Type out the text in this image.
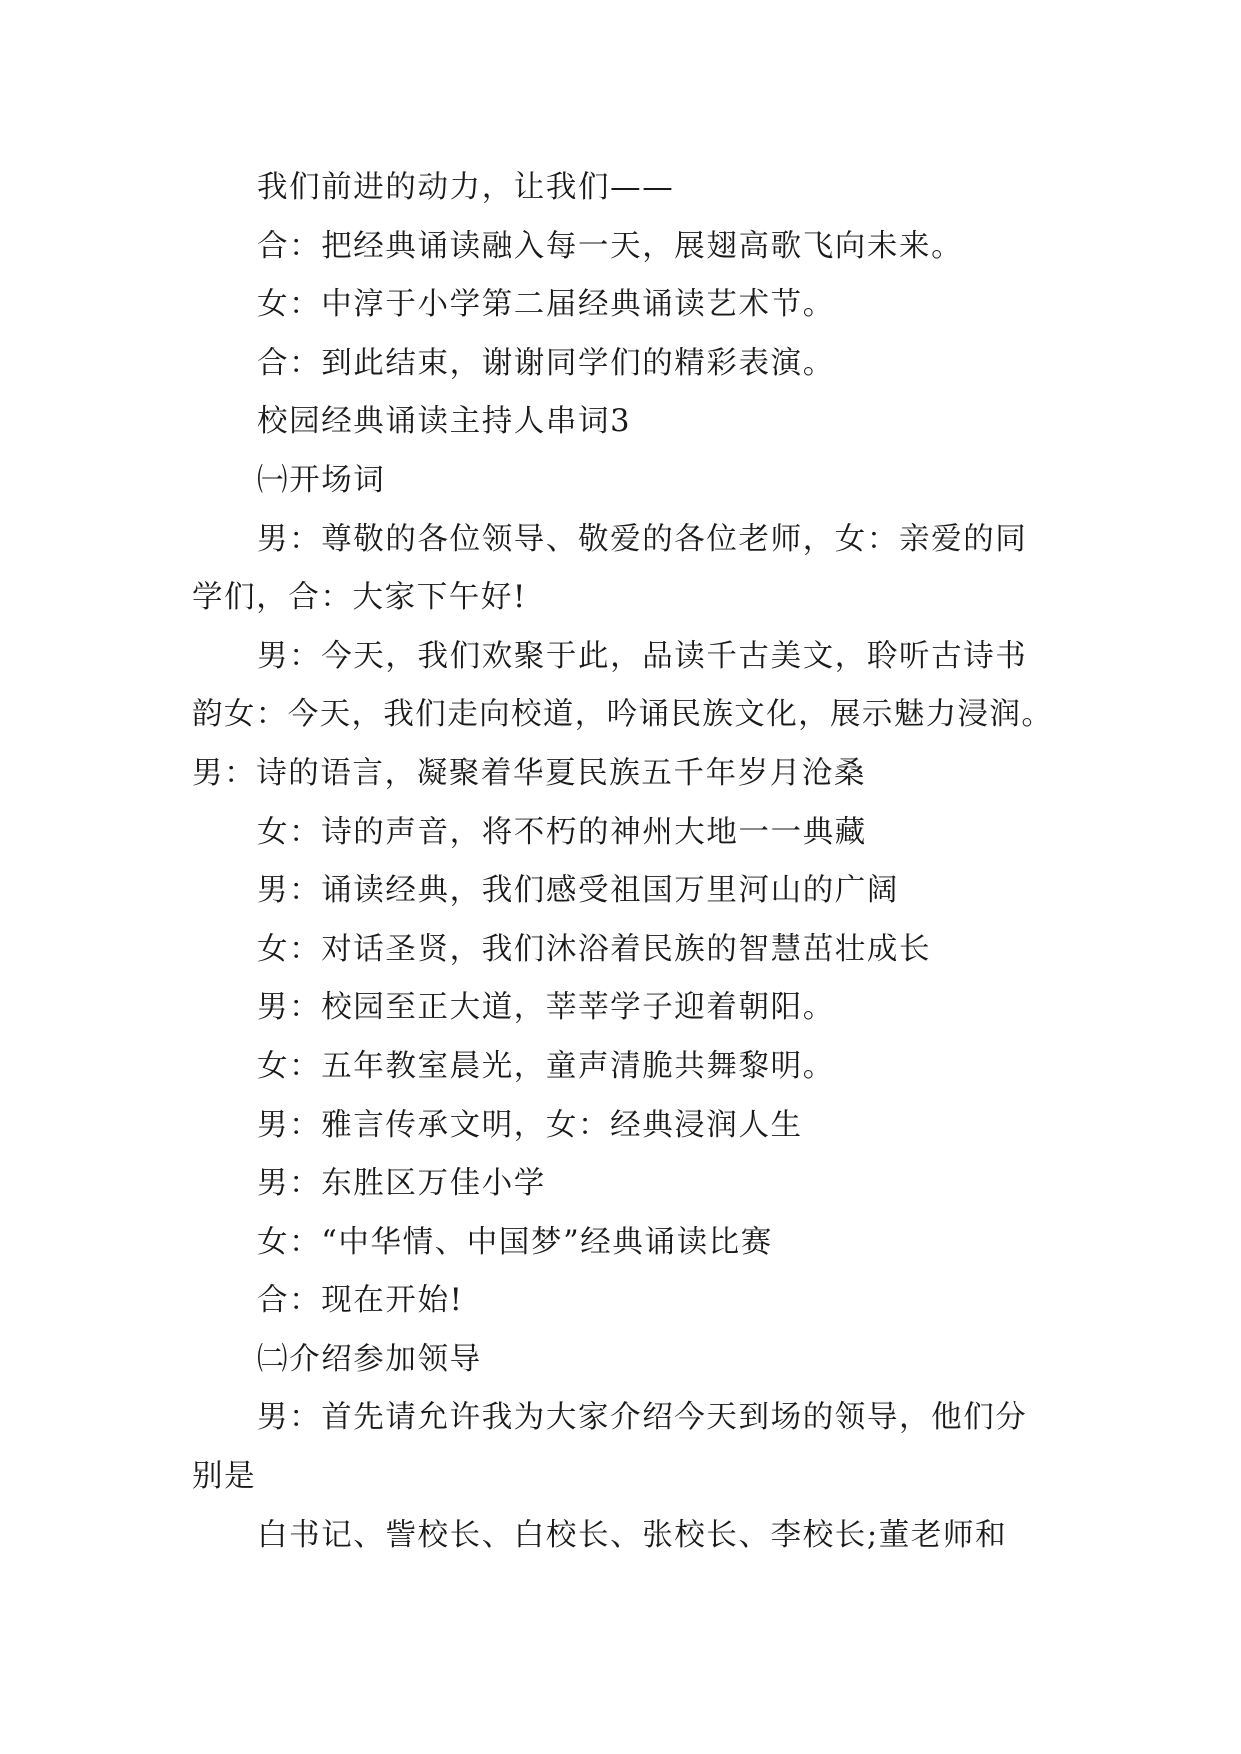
我们前进的动力，让我们——

合：把经典诵读融入每一天，展翅高歌飞向未来。

女：中淳于小学第二届经典诵读艺术节。

合：到此结束，谢谢同学们的精彩表演。

校园经典诵读主持人串词3

㈠开场词

男：尊敬的各位领导、敬爱的各位老师，女：亲爱的同

学们，合：大家下午好!

男：今天，我们欢聚于此，品读千古美文，聆听古诗书

韵女：今天，我们走向校道，吟诵民族文化，展示魅力浸润。

男：诗的语言，凝聚着华夏民族五千年岁月沧桑

女：诗的声音，将不朽的神州大地一一典藏

男：诵读经典，我们感受祖国万里河山的广阔

女：对话圣贤，我们沐浴着民族的智慧茁壮成长

男：校园至正大道，莘莘学子迎着朝阳。

女：五年教室晨光，童声清脆共舞黎明。

男：雅言传承文明，女：经典浸润人生

男：东胜区万佳小学

女：“中华情、中国梦”经典诵读比赛

合：现在开始!

㈡介绍参加领导

男：首先请允许我为大家介绍今天到场的领导，他们分

别是

白书记、訾校长、白校长、张校长、李校长;董老师和
